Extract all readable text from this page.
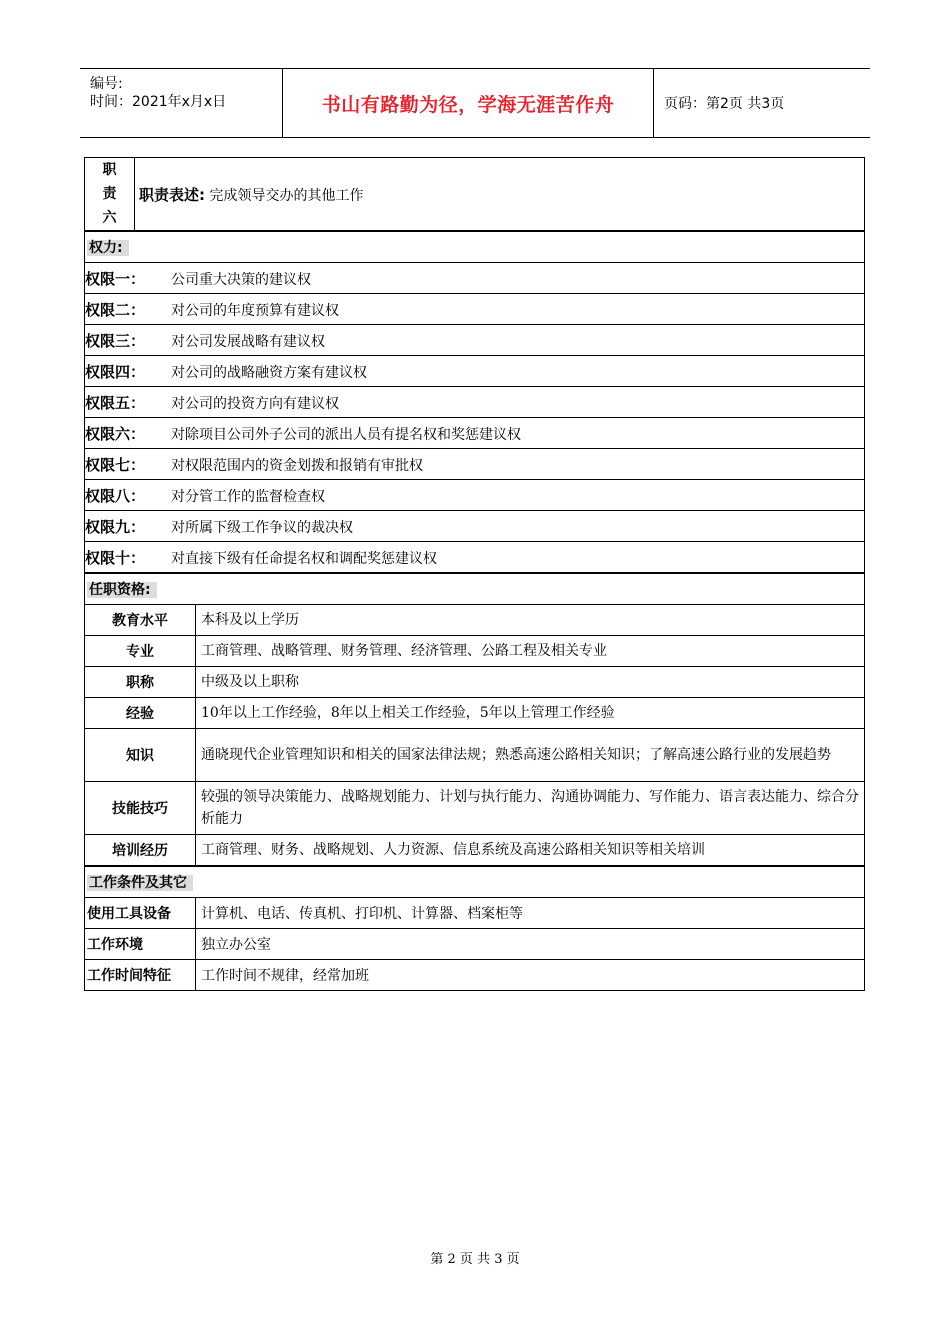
编号:
时间：2021年x月x日	书山有路勤为径，学海无涯苦作舟	页码：第2页 共3页
职责六	职责表述: 完成领导交办的其他工作	
权力:		
权限一： 公司重大决策的建议权		
权限二： 对公司的年度预算有建议权		
权限三： 对公司发展战略有建议权		
权限四： 对公司的战略融资方案有建议权		
权限五： 对公司的投资方向有建议权		
权限六： 对除项目公司外子公司的派出人员有提名权和奖惩建议权		
权限七： 对权限范围内的资金划拨和报销有审批权		
权限八： 对分管工作的监督检查权		
权限九： 对所属下级工作争议的裁决权		
权限十： 对直接下级有任命提名权和调配奖惩建议权		
任职资格:		
教育水平		本科及以上学历
专业		工商管理、战略管理、财务管理、经济管理、公路工程及相关专业
职称		中级及以上职称
经验		10年以上工作经验，8年以上相关工作经验，5年以上管理工作经验
知识		通晓现代企业管理知识和相关的国家法律法规；熟悉高速公路相关知识；了解高速公路行业的发展趋势
技能技巧		较强的领导决策能力、战略规划能力、计划与执行能力、沟通协调能力、写作能力、语言表达能力、综合分析能力
培训经历		工商管理、财务、战略规划、人力资源、信息系统及高速公路相关知识等相关培训
工作条件及其它		
使用工具设备		计算机、电话、传真机、打印机、计算器、档案柜等
工作环境		独立办公室
工作时间特征		工作时间不规律，经常加班
第 2 页 共 3 页
